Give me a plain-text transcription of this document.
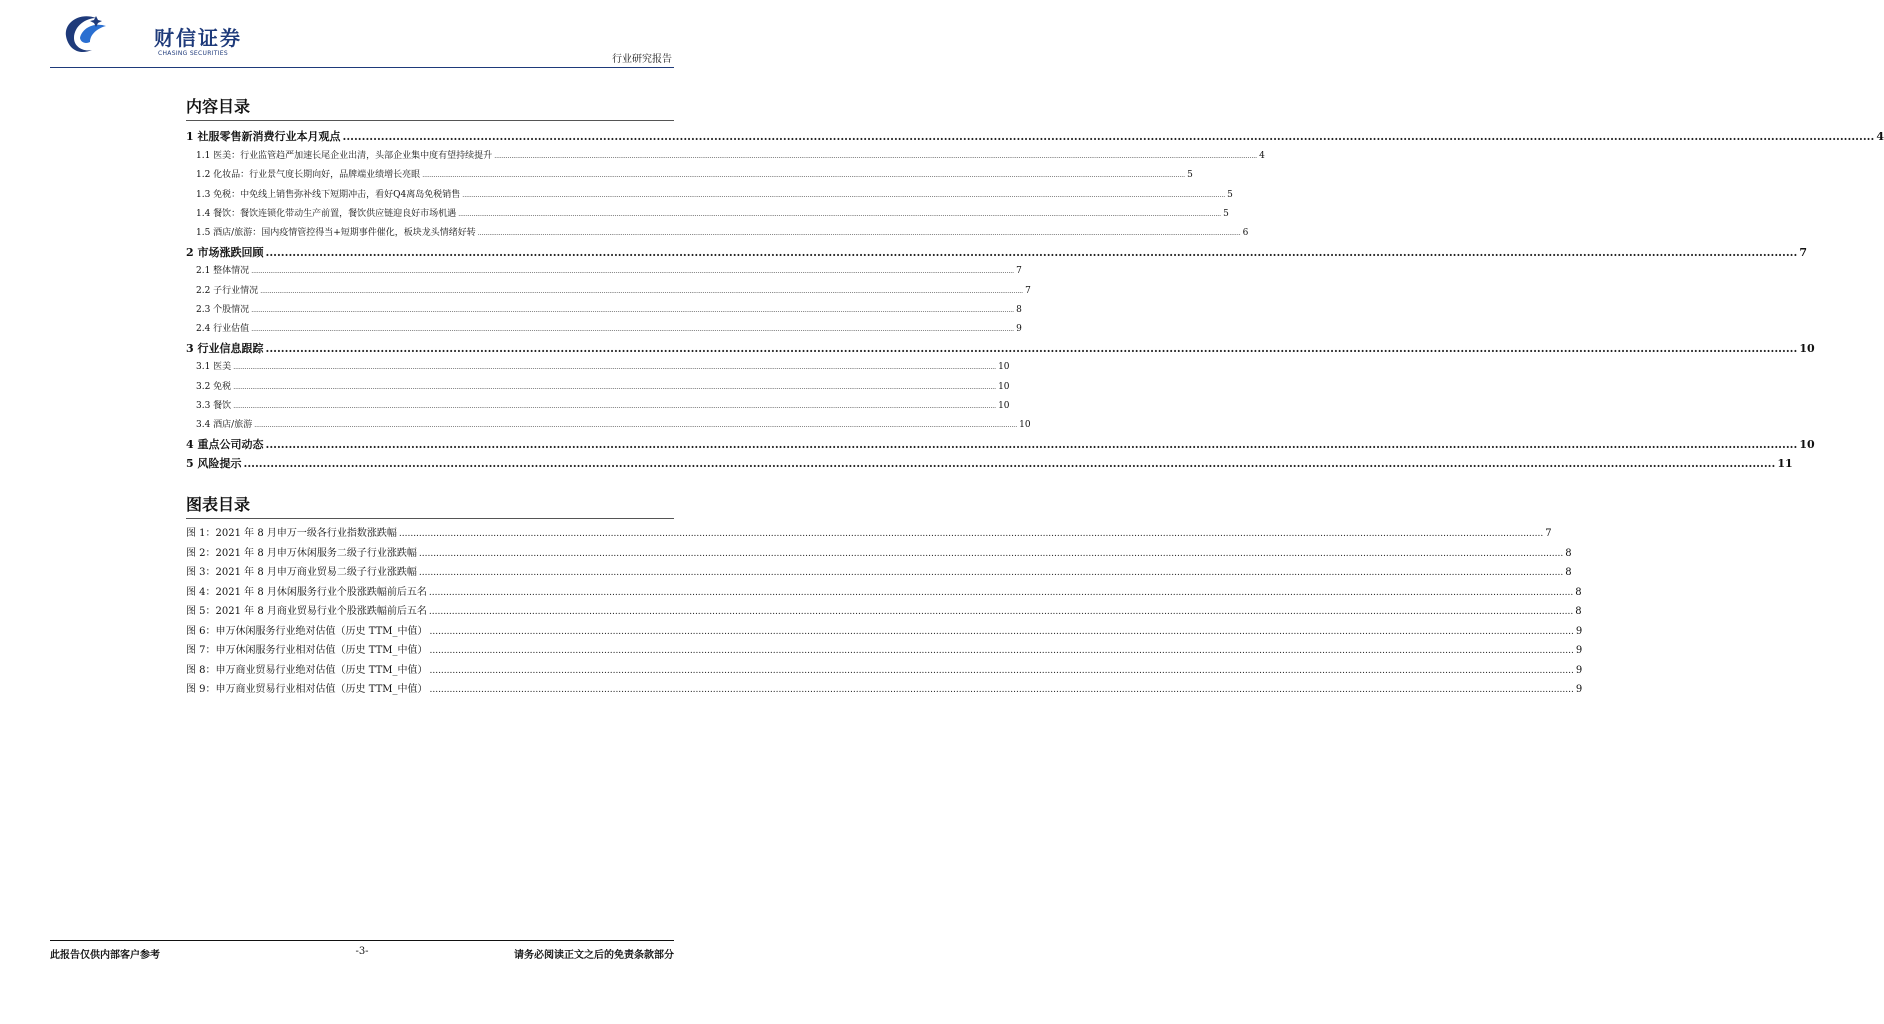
财信证券
CHASING SECURITIES
行业研究报告
内容目录
1 社服零售新消费行业本月观点 ................................................................................................................................................................................................................................................................................................................................................................................................................ 4
1.1 医美：行业监管趋严加速长尾企业出清，头部企业集中度有望持续提升 ................................................................................................................................................................................................................................................................................................................................................................................................................ 4
1.2 化妆品：行业景气度长期向好，品牌端业绩增长亮眼 ................................................................................................................................................................................................................................................................................................................................................................................................................ 5
1.3 免税：中免线上销售弥补线下短期冲击，看好Q4离岛免税销售 ................................................................................................................................................................................................................................................................................................................................................................................................................ 5
1.4 餐饮：餐饮连锁化带动生产前置，餐饮供应链迎良好市场机遇 ................................................................................................................................................................................................................................................................................................................................................................................................................ 5
1.5 酒店/旅游：国内疫情管控得当+短期事件催化，板块龙头情绪好转 ................................................................................................................................................................................................................................................................................................................................................................................................................ 6
2 市场涨跌回顾 ................................................................................................................................................................................................................................................................................................................................................................................................................ 7
2.1 整体情况 ................................................................................................................................................................................................................................................................................................................................................................................................................ 7
2.2 子行业情况 ................................................................................................................................................................................................................................................................................................................................................................................................................ 7
2.3 个股情况 ................................................................................................................................................................................................................................................................................................................................................................................................................ 8
2.4 行业估值 ................................................................................................................................................................................................................................................................................................................................................................................................................ 9
3 行业信息跟踪 ................................................................................................................................................................................................................................................................................................................................................................................................................ 10
3.1 医美 ................................................................................................................................................................................................................................................................................................................................................................................................................ 10
3.2 免税 ................................................................................................................................................................................................................................................................................................................................................................................................................ 10
3.3 餐饮 ................................................................................................................................................................................................................................................................................................................................................................................................................ 10
3.4 酒店/旅游 ................................................................................................................................................................................................................................................................................................................................................................................................................ 10
4 重点公司动态 ................................................................................................................................................................................................................................................................................................................................................................................................................ 10
5 风险提示 ................................................................................................................................................................................................................................................................................................................................................................................................................ 11
图表目录
图 1：2021 年 8 月申万一级各行业指数涨跌幅 ................................................................................................................................................................................................................................................................................................................................................................................................................ 7
图 2：2021 年 8 月申万休闲服务二级子行业涨跌幅 ................................................................................................................................................................................................................................................................................................................................................................................................................ 8
图 3：2021 年 8 月申万商业贸易二级子行业涨跌幅 ................................................................................................................................................................................................................................................................................................................................................................................................................ 8
图 4：2021 年 8 月休闲服务行业个股涨跌幅前后五名 ................................................................................................................................................................................................................................................................................................................................................................................................................ 8
图 5：2021 年 8 月商业贸易行业个股涨跌幅前后五名 ................................................................................................................................................................................................................................................................................................................................................................................................................ 8
图 6：申万休闲服务行业绝对估值（历史 TTM_中值） ................................................................................................................................................................................................................................................................................................................................................................................................................ 9
图 7：申万休闲服务行业相对估值（历史 TTM_中值） ................................................................................................................................................................................................................................................................................................................................................................................................................ 9
图 8：申万商业贸易行业绝对估值（历史 TTM_中值） ................................................................................................................................................................................................................................................................................................................................................................................................................ 9
图 9：申万商业贸易行业相对估值（历史 TTM_中值） ................................................................................................................................................................................................................................................................................................................................................................................................................ 9
此报告仅供内部客户参考	-3-	请务必阅读正文之后的免责条款部分
